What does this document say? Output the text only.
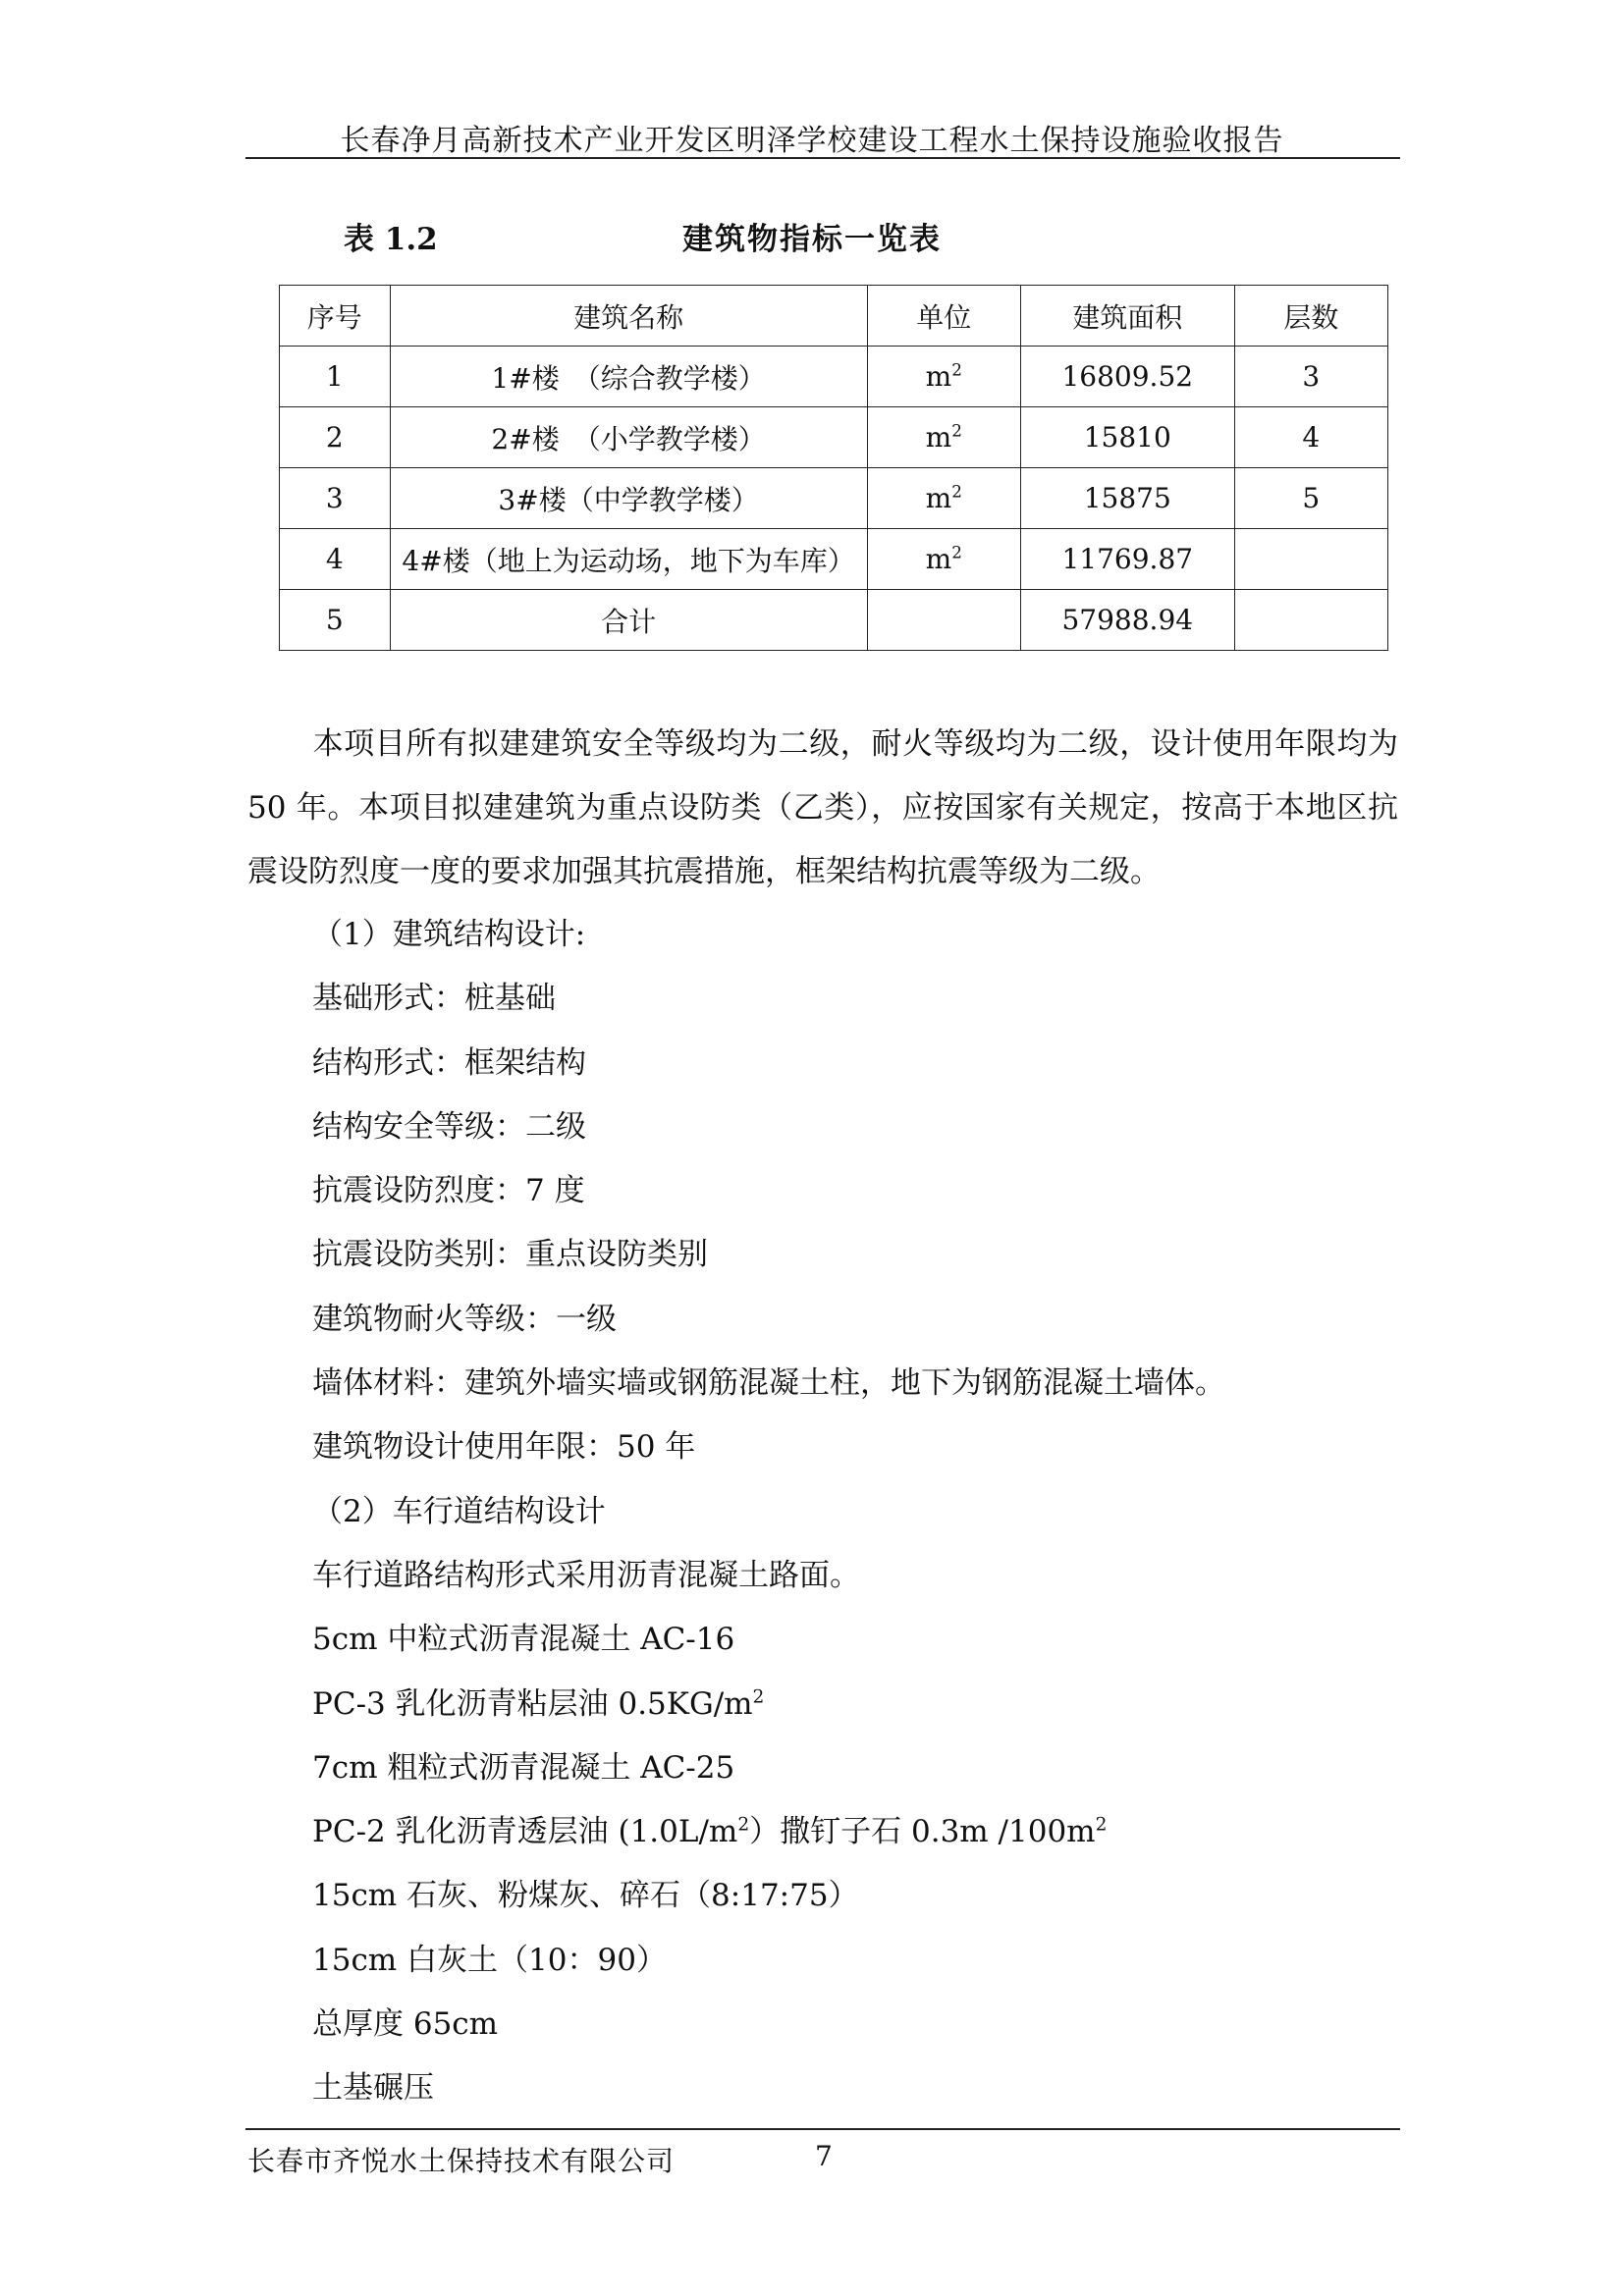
长春净月高新技术产业开发区明泽学校建设工程水土保持设施验收报告
表 1.2	建筑物指标一览表
序号	建筑名称	单位	建筑面积	层数
1	1#楼　（综合教学楼）	$m^2$	16809.52	3
2	2#楼　（小学教学楼）	$m^2$	15810	4
3	3#楼（中学教学楼）	$m^2$	15875	5
4	4#楼（地上为运动场，地下为车库）	$m^2$	11769.87	
5	合计		57988.94	
本项目所有拟建建筑安全等级均为二级，耐火等级均为二级，设计使用年限均为 50 年。本项目拟建建筑为重点设防类（乙类），应按国家有关规定，按高于本地区抗震设防烈度一度的要求加强其抗震措施，框架结构抗震等级为二级。
（1）建筑结构设计:
基础形式：桩基础
结构形式：框架结构
结构安全等级：二级
抗震设防烈度：7 度
抗震设防类别：重点设防类别
建筑物耐火等级：一级
墙体材料：建筑外墙实墙或钢筋混凝土柱，地下为钢筋混凝土墙体。
建筑物设计使用年限：50 年
（2）车行道结构设计
车行道路结构形式采用沥青混凝土路面。
5cm 中粒式沥青混凝土 AC-16
PC-3 乳化沥青粘层油 $0.5KG/m^2$
7cm 粗粒式沥青混凝土 AC-25
PC-2 乳化沥青透层油 $(1.0L/m^2)$撒钉子石 0.3m $/100m^2$
15cm 石灰、粉煤灰、碎石（8:17:75）
15cm 白灰土（10：90）
总厚度 65cm
土基碾压
长春市齐悦水土保持技术有限公司	7
